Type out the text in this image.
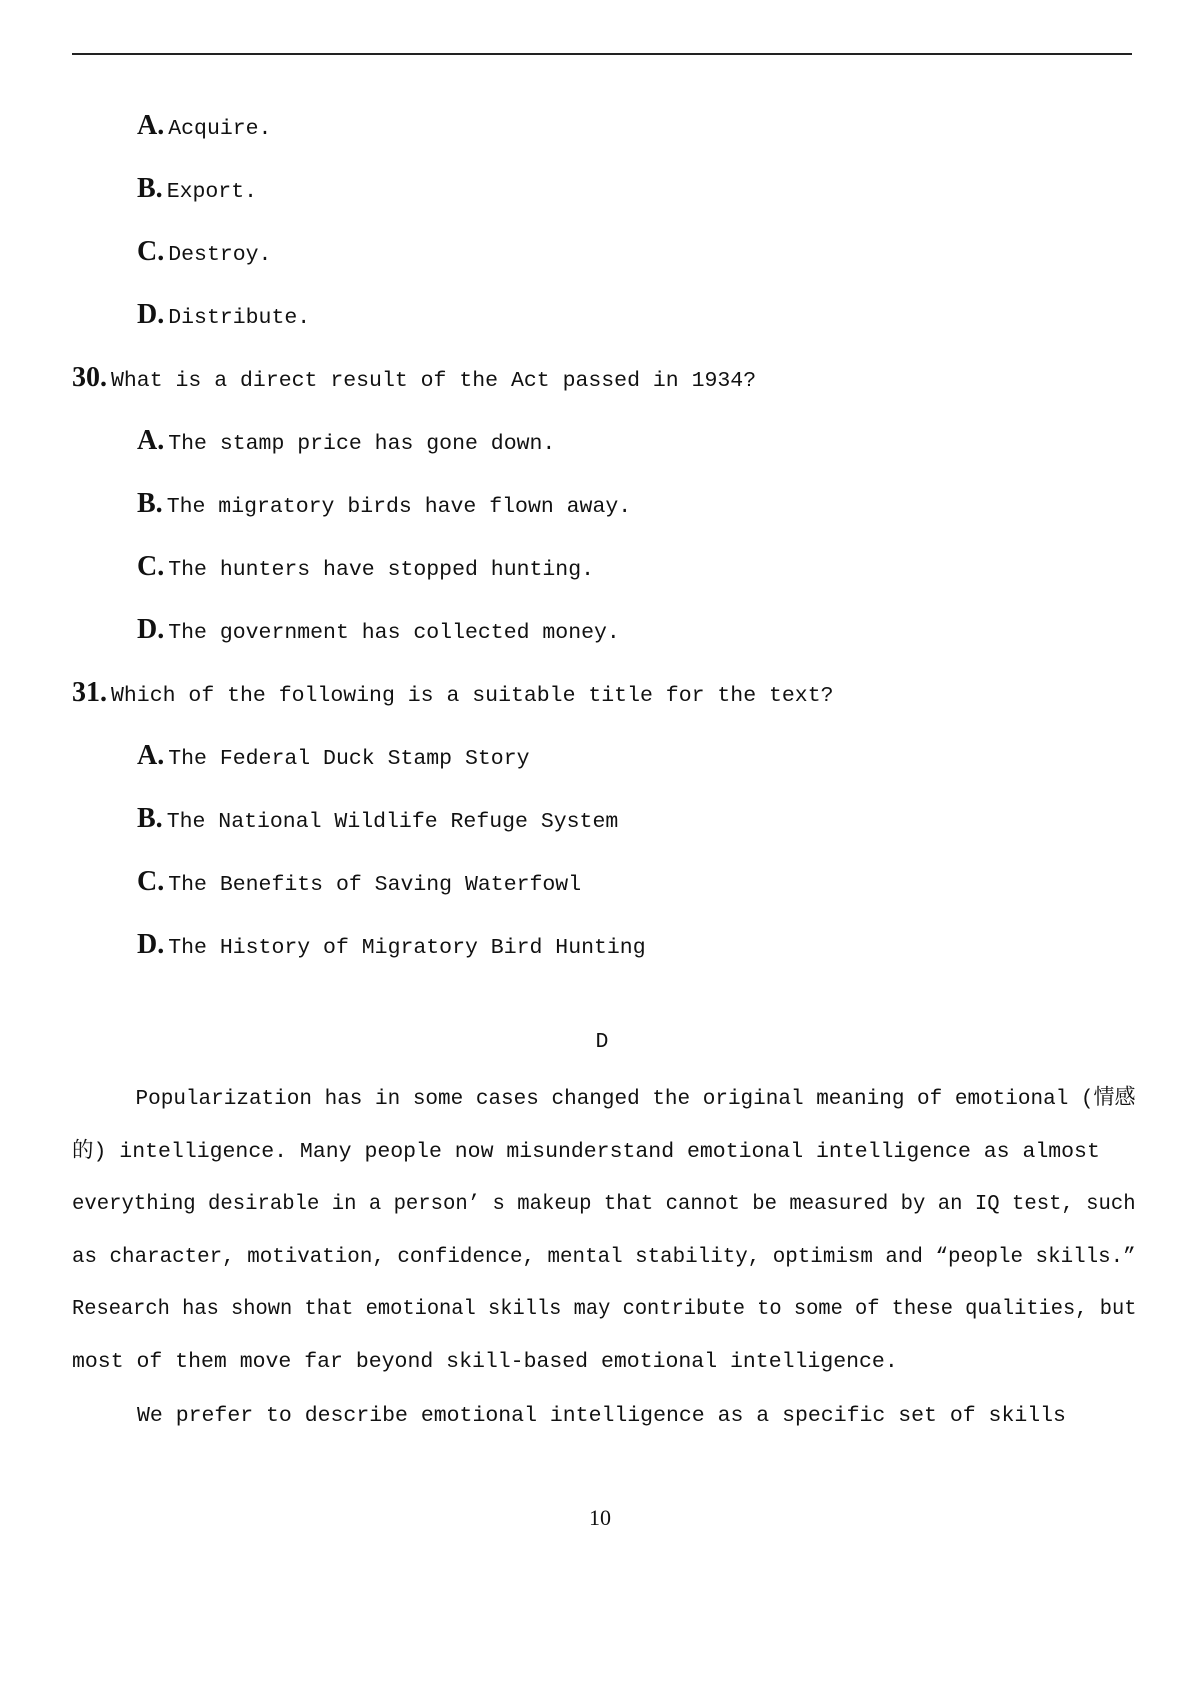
A. Acquire.
B. Export.
C. Destroy.
D. Distribute.
30. What is a direct result of the Act passed in 1934?
A. The stamp price has gone down.
B. The migratory birds have flown away.
C. The hunters have stopped hunting.
D. The government has collected money.
31. Which of the following is a suitable title for the text?
A. The Federal Duck Stamp Story
B. The National Wildlife Refuge System
C. The Benefits of Saving Waterfowl
D. The History of Migratory Bird Hunting
D
Popularization has in some cases changed the original meaning of emotional (情感
的) intelligence. Many people now misunderstand emotional intelligence as almost
everything desirable in a person’ s makeup that cannot be measured by an IQ test, such
as character, motivation, confidence, mental stability, optimism and “people skills.”
Research has shown that emotional skills may contribute to some of these qualities, but
most of them move far beyond skill-based emotional intelligence.
We prefer to describe emotional intelligence as a specific set of skills
10
